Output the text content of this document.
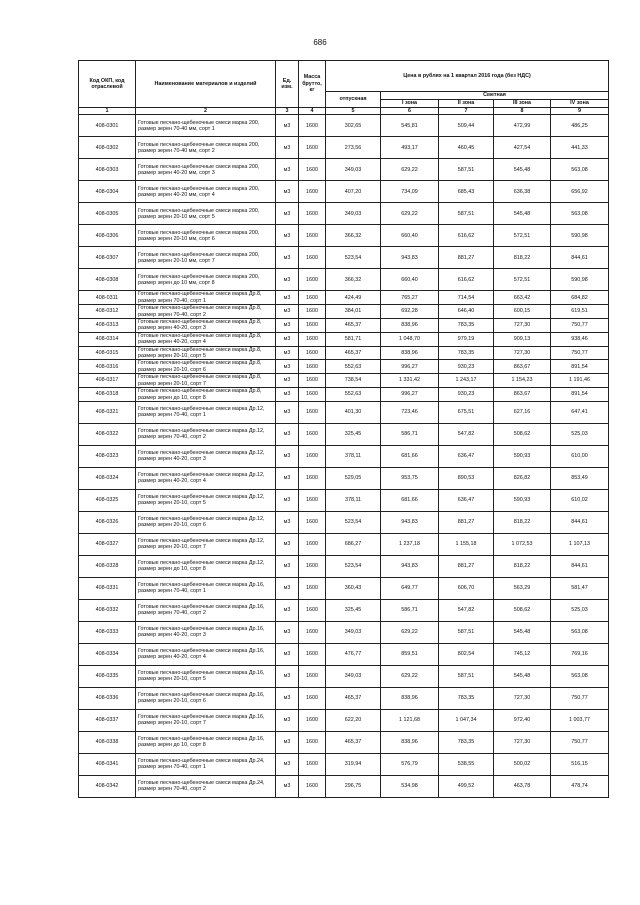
686
Код ОКП, код отраслевой	Наименование материалов и изделий	Ед. изм.	Масса брутто, кг	Цена в рублях на 1 квартал 2016 года (без НДС)				
				отпускная	Сметная			
					I зона	II зона	III зона	IV зона
1	2	3	4	5	6	7	8	9
408-0301	Готовые песчано-щебеночные смеси марка 200, размер зерен 70-40 мм, сорт 1	м3	1600	302,65	545,81	509,44	472,99	486,25
408-0302	Готовые песчано-щебеночные смеси марка 200, размер зерен 70-40 мм, сорт 2	м3	1600	273,56	493,17	460,45	427,54	441,33
408-0303	Готовые песчано-щебеночные смеси марка 200, размер зерен 40-20 мм, сорт 3	м3	1600	349,03	629,22	587,51	545,48	563,08
408-0304	Готовые песчано-щебеночные смеси марка 200, размер зерен 40-20 мм, сорт 4	м3	1600	407,20	734,09	685,43	636,38	656,92
408-0305	Готовые песчано-щебеночные смеси марка 200, размер зерен 20-10 мм, сорт 5	м3	1600	349,03	629,22	587,51	545,48	563,08
408-0306	Готовые песчано-щебеночные смеси марка 200, размер зерен 20-10 мм, сорт 6	м3	1600	366,32	660,40	616,62	572,51	590,98
408-0307	Готовые песчано-щебеночные смеси марка 200, размер зерен 20-10 мм, сорт 7	м3	1600	523,54	943,83	881,27	818,22	844,61
408-0308	Готовые песчано-щебеночные смеси марка 200, размер зерен до 10 мм, сорт 8	м3	1600	366,32	660,40	616,62	572,51	590,98
408-0311	Готовые песчано-щебеночные смеси марка Др.8, размер зерен 70-40, сорт 1	м3	1600	424,49	765,27	714,54	663,42	684,82
408-0312	Готовые песчано-щебеночные смеси марка Др.8, размер зерен 70-40, сорт 2	м3	1600	384,01	692,28	646,40	600,15	619,51
408-0313	Готовые песчано-щебеночные смеси марка Др.8, размер зерен 40-20, сорт 3	м3	1600	465,37	838,96	783,35	727,30	750,77
408-0314	Готовые песчано-щебеночные смеси марка Др.8, размер зерен 40-20, сорт 4	м3	1600	581,71	1 048,70	979,19	909,13	938,46
408-0315	Готовые песчано-щебеночные смеси марка Др.8, размер зерен 20-10, сорт 5	м3	1600	465,37	838,96	783,35	727,30	750,77
408-0316	Готовые песчано-щебеночные смеси марка Др.8, размер зерен 20-10, сорт 6	м3	1600	552,63	996,27	930,23	863,67	891,54
408-0317	Готовые песчано-щебеночные смеси марка Др.8, размер зерен 20-10, сорт 7	м3	1600	738,54	1 331,42	1 243,17	1 154,23	1 191,46
408-0318	Готовые песчано-щебеночные смеси марка Др.8, размер зерен до 10, сорт 8	м3	1600	552,63	996,27	930,23	863,67	891,54
408-0321	Готовые песчано-щебеночные смеси марка Др.12, размер зерен 70-40, сорт 1	м3	1600	401,30	723,46	675,51	627,16	647,41
408-0322	Готовые песчано-щебеночные смеси марка Др.12, размер зерен 70-40, сорт 2	м3	1600	325,45	586,71	547,82	508,62	525,03
408-0323	Готовые песчано-щебеночные смеси марка Др.12, размер зерен 40-20, сорт 3	м3	1600	378,11	681,66	636,47	590,93	610,00
408-0324	Готовые песчано-щебеночные смеси марка Др.12, размер зерен 40-20, сорт 4	м3	1600	529,05	953,75	890,53	826,82	853,49
408-0325	Готовые песчано-щебеночные смеси марка Др.12, размер зерен 20-10, сорт 5	м3	1600	378,11	681,66	636,47	590,93	610,02
408-0326	Готовые песчано-щебеночные смеси марка Др.12, размер зерен 20-10, сорт 6	м3	1600	523,54	943,83	881,27	818,22	844,61
408-0327	Готовые песчано-щебеночные смеси марка Др.12, размер зерен 20-10, сорт 7	м3	1600	686,27	1 237,18	1 155,18	1 072,53	1 107,13
408-0328	Готовые песчано-щебеночные смеси марка Др.12, размер зерен до 10, сорт 8	м3	1600	523,54	943,83	881,27	818,22	844,61
408-0331	Готовые песчано-щебеночные смеси марка Др.16, размер зерен 70-40, сорт 1	м3	1600	360,43	649,77	606,70	563,29	581,47
408-0332	Готовые песчано-щебеночные смеси марка Др.16, размер зерен 70-40, сорт 2	м3	1600	325,45	586,71	547,82	508,62	525,03
408-0333	Готовые песчано-щебеночные смеси марка Др.16, размер зерен 40-20, сорт 3	м3	1600	349,03	629,22	587,51	545,48	563,08
408-0334	Готовые песчано-щебеночные смеси марка Др.16, размер зерен 40-20, сорт 4	м3	1600	476,77	859,51	802,54	745,12	769,16
408-0335	Готовые песчано-щебеночные смеси марка Др.16, размер зерен 20-10, сорт 5	м3	1600	349,03	629,22	587,51	545,48	563,08
408-0336	Готовые песчано-щебеночные смеси марка Др.16, размер зерен 20-10, сорт 6	м3	1600	465,37	838,96	783,35	727,30	750,77
408-0337	Готовые песчано-щебеночные смеси марка Др.16, размер зерен 20-10, сорт 7	м3	1600	622,20	1 121,68	1 047,34	972,40	1 003,77
408-0338	Готовые песчано-щебеночные смеси марка Др.16, размер зерен до 10, сорт 8	м3	1600	465,37	838,96	783,35	727,30	750,77
408-0341	Готовые песчано-щебеночные смеси марка Др.24, размер зерен 70-40, сорт 1	м3	1600	319,94	576,79	538,55	500,02	516,15
408-0342	Готовые песчано-щебеночные смеси марка Др.24, размер зерен 70-40, сорт 2	м3	1600	296,75	534,98	499,52	463,78	478,74
